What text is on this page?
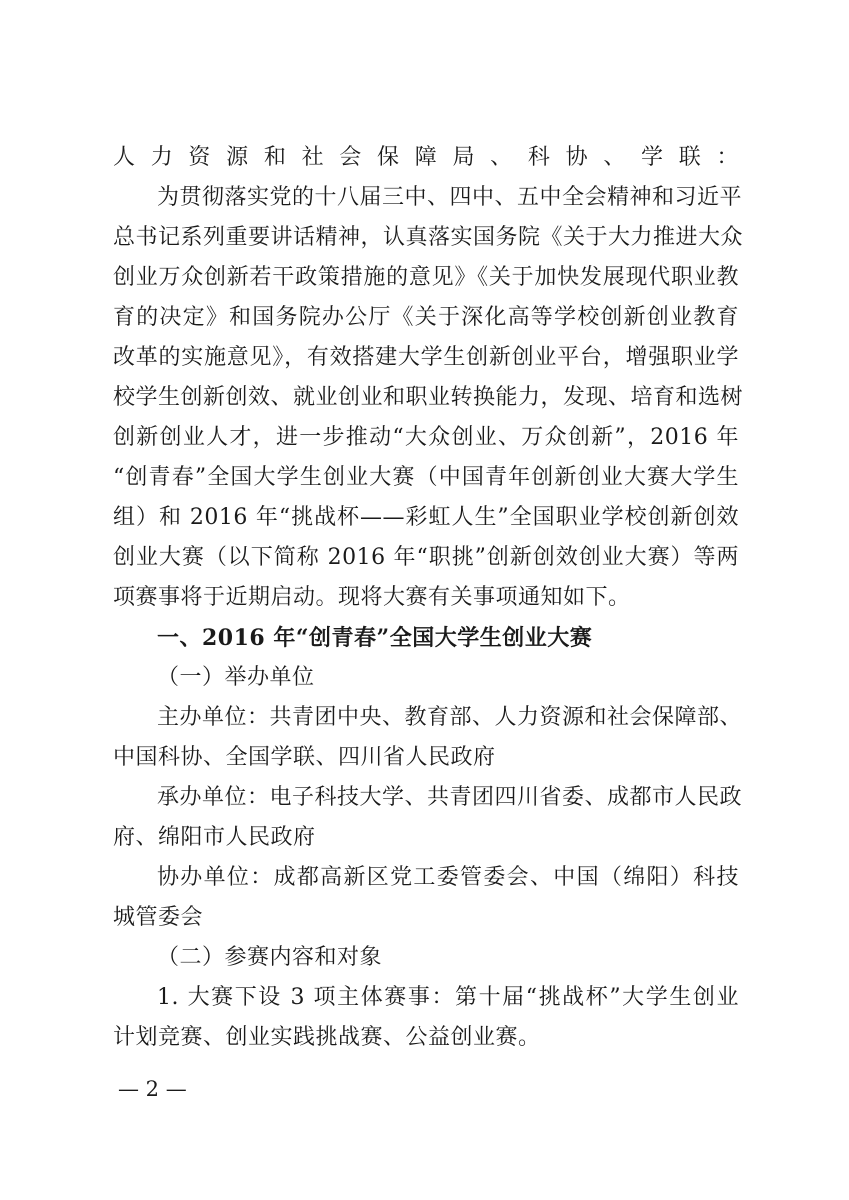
人力资源和社会保障局、科协、学联：
为贯彻落实党的十八届三中、四中、五中全会精神和习近平
总书记系列重要讲话精神，认真落实国务院《关于大力推进大众
创业万众创新若干政策措施的意见》《关于加快发展现代职业教
育的决定》和国务院办公厅《关于深化高等学校创新创业教育
改革的实施意见》，有效搭建大学生创新创业平台，增强职业学
校学生创新创效、就业创业和职业转换能力，发现、培育和选树
创新创业人才，进一步推动“大众创业、万众创新”，2016 年
“创青春”全国大学生创业大赛（中国青年创新创业大赛大学生
组）和 2016 年“挑战杯——彩虹人生”全国职业学校创新创效
创业大赛（以下简称 2016 年“职挑”创新创效创业大赛）等两
项赛事将于近期启动。现将大赛有关事项通知如下。
一、2016 年“创青春”全国大学生创业大赛
（一）举办单位
主办单位：共青团中央、教育部、人力资源和社会保障部、
中国科协、全国学联、四川省人民政府
承办单位：电子科技大学、共青团四川省委、成都市人民政
府、绵阳市人民政府
协办单位：成都高新区党工委管委会、中国（绵阳）科技
城管委会
（二）参赛内容和对象
1. 大赛下设 3 项主体赛事：第十届“挑战杯”大学生创业
计划竞赛、创业实践挑战赛、公益创业赛。
— 2 —
